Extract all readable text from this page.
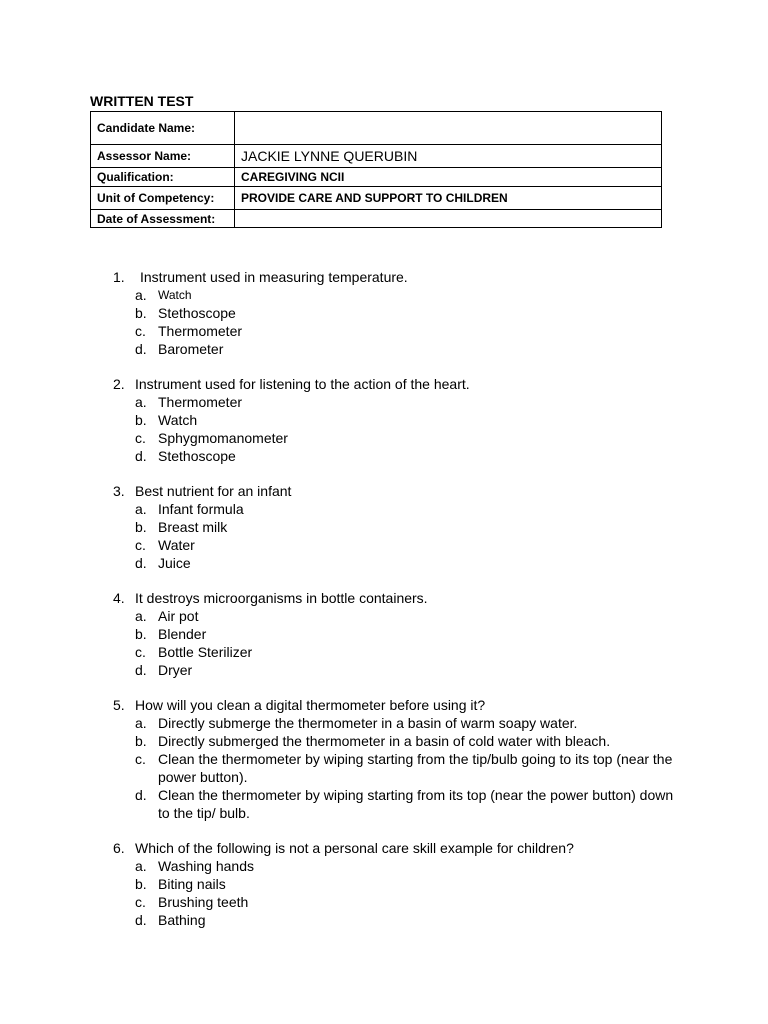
WRITTEN TEST
Candidate Name:	
Assessor Name:	JACKIE LYNNE QUERUBIN
Qualification:	CAREGIVING NCII
Unit of Competency:	PROVIDE CARE AND SUPPORT TO CHILDREN
Date of Assessment:	
1.	Instrument used in measuring temperature.
a. Watch
b. Stethoscope
c. Thermometer
d. Barometer
2. Instrument used for listening to the action of the heart.
a. Thermometer
b. Watch
c. Sphygmomanometer
d. Stethoscope
3. Best nutrient for an infant
a. Infant formula
b. Breast milk
c. Water
d. Juice
4. It destroys microorganisms in bottle containers.
a. Air pot
b. Blender
c. Bottle Sterilizer
d. Dryer
5. How will you clean a digital thermometer before using it?
a. Directly submerge the thermometer in a basin of warm soapy water.
b. Directly submerged the thermometer in a basin of cold water with bleach.
c. Clean the thermometer by wiping starting from the tip/bulb going to its top (near the power button).
d. Clean the thermometer by wiping starting from its top (near the power button) down to the tip/ bulb.
6. Which of the following is not a personal care skill example for children?
a. Washing hands
b. Biting nails
c. Brushing teeth
d. Bathing
